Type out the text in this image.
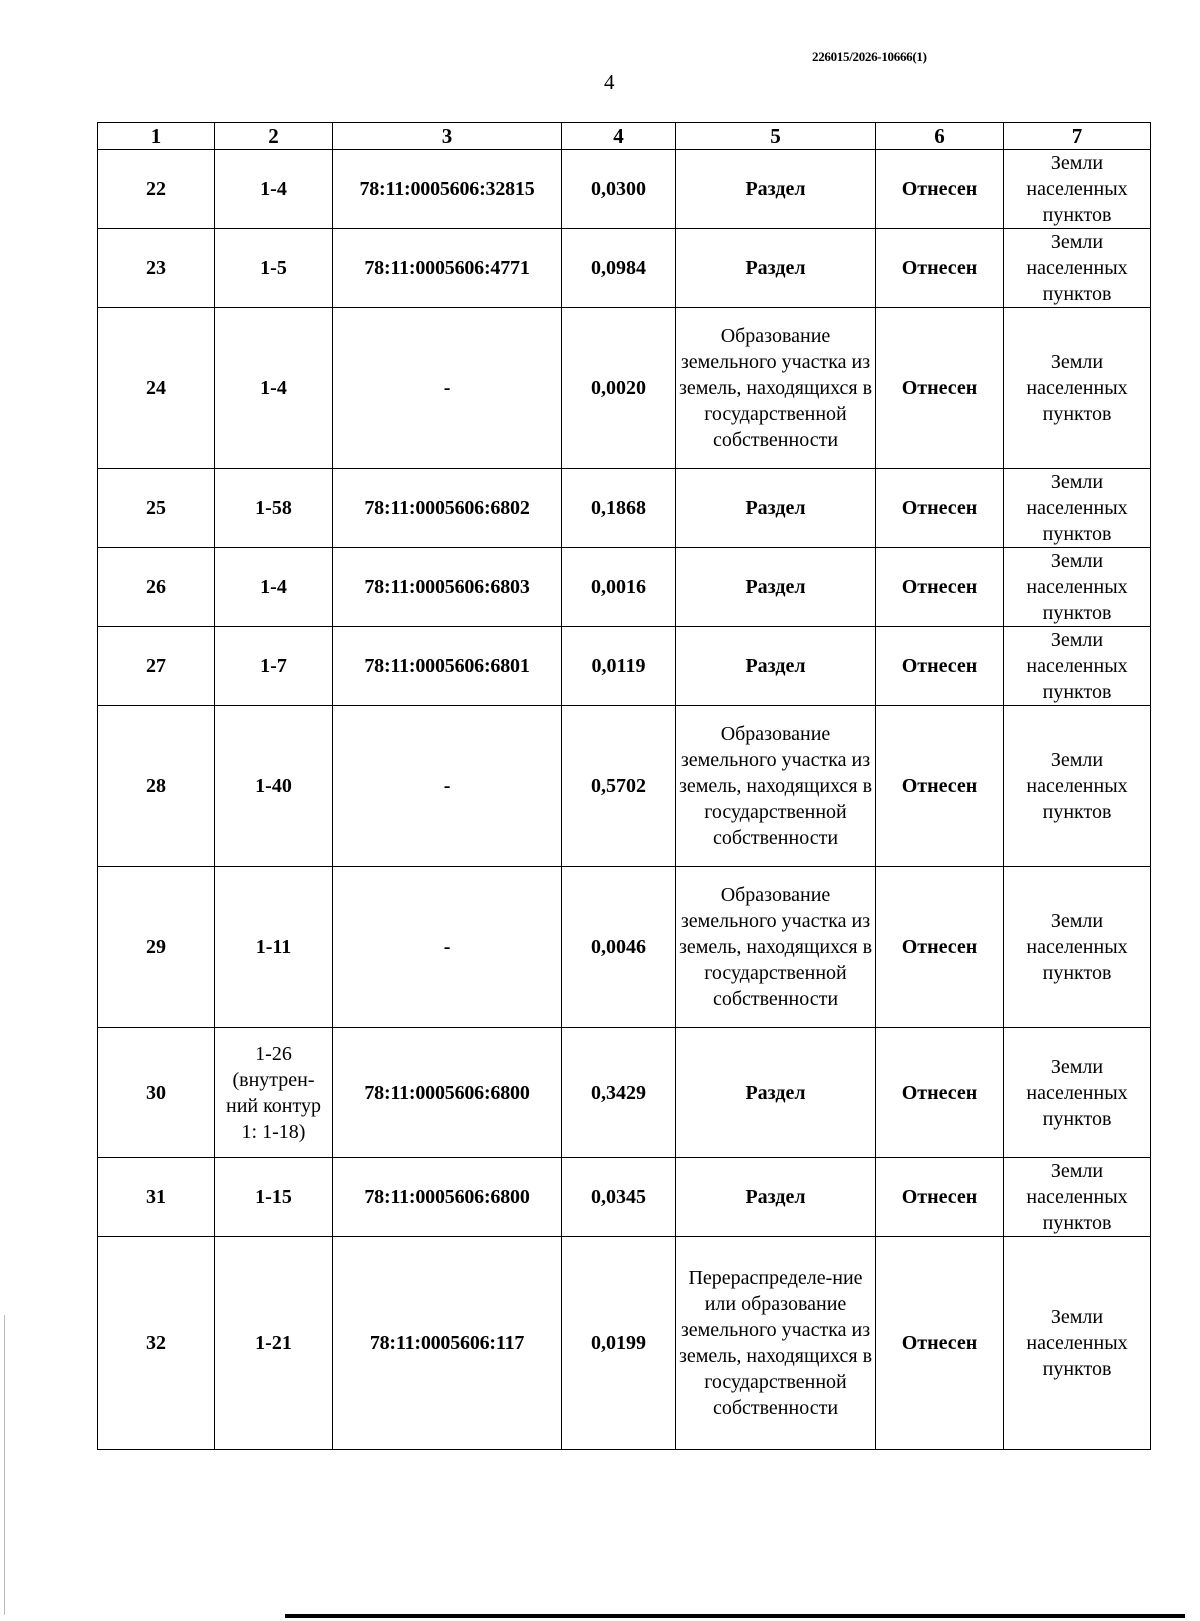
226015/2026-10666(1)
4
1	2	3	4	5	6	7
22	1-4	78:11:0005606:32815	0,0300	Раздел	Отнесен	Земли населенных пунктов
23	1-5	78:11:0005606:4771	0,0984	Раздел	Отнесен	Земли населенных пунктов
24	1-4	-	0,0020	Образование земельного участка из земель, находящихся в государственной собственности	Отнесен	Земли населенных пунктов
25	1-58	78:11:0005606:6802	0,1868	Раздел	Отнесен	Земли населенных пунктов
26	1-4	78:11:0005606:6803	0,0016	Раздел	Отнесен	Земли населенных пунктов
27	1-7	78:11:0005606:6801	0,0119	Раздел	Отнесен	Земли населенных пунктов
28	1-40	-	0,5702	Образование земельного участка из земель, находящихся в государственной собственности	Отнесен	Земли населенных пунктов
29	1-11	-	0,0046	Образование земельного участка из земель, находящихся в государственной собственности	Отнесен	Земли населенных пунктов
30	1-26 (внутрен-ний контур 1: 1-18)	78:11:0005606:6800	0,3429	Раздел	Отнесен	Земли населенных пунктов
31	1-15	78:11:0005606:6800	0,0345	Раздел	Отнесен	Земли населенных пунктов
32	1-21	78:11:0005606:117	0,0199	Перераспределе-ние или образование земельного участка из земель, находящихся в государственной собственности	Отнесен	Земли населенных пунктов
